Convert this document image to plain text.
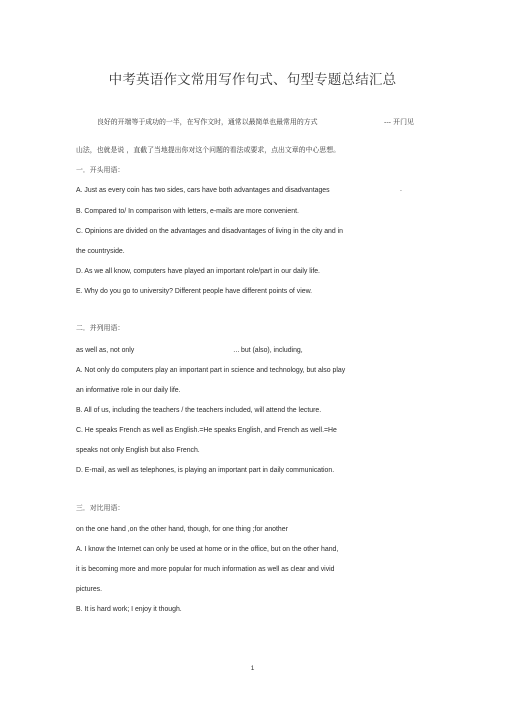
中考英语作文常用写作句式、句型专题总结汇总
良好的开端等于成功的一半，在写作文时，通常以最简单也最常用的方式	--- 开门见
山法，也就是说 ，直截了当地提出你对这个问题的看法或要求，点出文章的中心思想。
一．开头用语：
A. Just as every coin has two sides, cars have both advantages and disadvantages	.
B. Compared to/ In comparison with letters, e-mails are more convenient.
C. Opinions are divided on the advantages and disadvantages of living in the city and in
the countryside.
D. As we all know, computers have played an important role/part in our daily life.
E. Why do you go to university? Different people have different points of view.
二．并列用语：
as well as, not only	… but (also), including,
A. Not only do computers play an important part in science and technology, but also play
an informative role in our daily life.
B. All of us, including the teachers / the teachers included, will attend the lecture.
C. He speaks French as well as English.=He speaks English, and French as well.=He
speaks not only English but also French.
D. E-mail, as well as telephones, is playing an important part in daily communication.
三．对比用语：
on the one hand ,on the other hand, though, for one thing ;for another
A. I know the Internet can only be used at home or in the office, but on the other hand,
it is becoming more and more popular for much information as well as clear and vivid
pictures.
B. It is hard work; I enjoy it though.
1
